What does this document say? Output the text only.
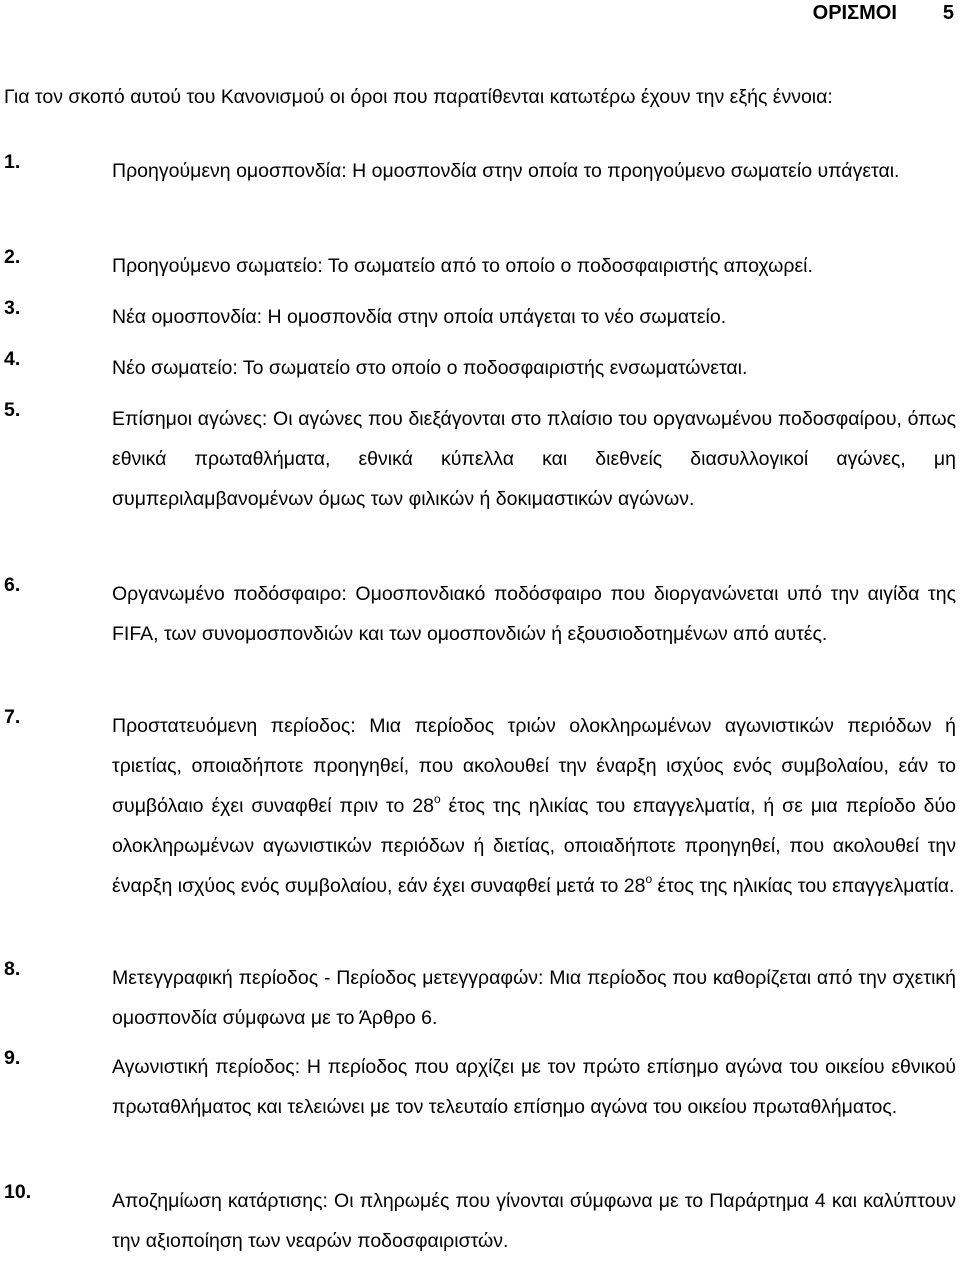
ΟΡΙΣΜΟΙ 5

Για τον σκοπό αυτού του Κανονισμού οι όροι που παρατίθενται κατωτέρω έχουν την εξής έννοια:

1.	Προηγούμενη ομοσπονδία: Η ομοσπονδία στην οποία το προηγούμενο σωματείο υπάγεται.
2.	Προηγούμενο σωματείο: Το σωματείο από το οποίο ο ποδοσφαιριστής αποχωρεί.
3.	Νέα ομοσπονδία: Η ομοσπονδία στην οποία υπάγεται το νέο σωματείο.
4.	Νέο σωματείο: Το σωματείο στο οποίο ο ποδοσφαιριστής ενσωματώνεται.
5.	Επίσημοι αγώνες: Οι αγώνες που διεξάγονται στο πλαίσιο του οργανωμένου ποδοσφαίρου, όπως εθνικά πρωταθλήματα, εθνικά κύπελλα και διεθνείς διασυλλογικοί αγώνες, μη συμπεριλαμβανομένων όμως των φιλικών ή δοκιμαστικών αγώνων.
6.	Οργανωμένο ποδόσφαιρο: Ομοσπονδιακό ποδόσφαιρο που διοργανώνεται υπό την αιγίδα της FIFA, των συνομοσπονδιών και των ομοσπονδιών ή εξουσιοδοτημένων από αυτές.
7.	Προστατευόμενη περίοδος: Μια περίοδος τριών ολοκληρωμένων αγωνιστικών περιόδων ή τριετίας, οποιαδήποτε προηγηθεί, που ακολουθεί την έναρξη ισχύος ενός συμβολαίου, εάν το συμβόλαιο έχει συναφθεί πριν το $28^o$ έτος της ηλικίας του επαγγελματία, ή σε μια περίοδο δύο ολοκληρωμένων αγωνιστικών περιόδων ή διετίας, οποιαδήποτε προηγηθεί, που ακολουθεί την έναρξη ισχύος ενός συμβολαίου, εάν έχει συναφθεί μετά το $28^o$ έτος της ηλικίας του επαγγελματία.
8.	Μετεγγραφική περίοδος - Περίοδος μετεγγραφών: Μια περίοδος που καθορίζεται από την σχετική ομοσπονδία σύμφωνα με το Άρθρο 6.
9.	Αγωνιστική περίοδος: Η περίοδος που αρχίζει με τον πρώτο επίσημο αγώνα του οικείου εθνικού πρωταθλήματος και τελειώνει με τον τελευταίο επίσημο αγώνα του οικείου πρωταθλήματος.
10.	Αποζημίωση κατάρτισης: Οι πληρωμές που γίνονται σύμφωνα με το Παράρτημα 4 και καλύπτουν την αξιοποίηση των νεαρών ποδοσφαιριστών.
